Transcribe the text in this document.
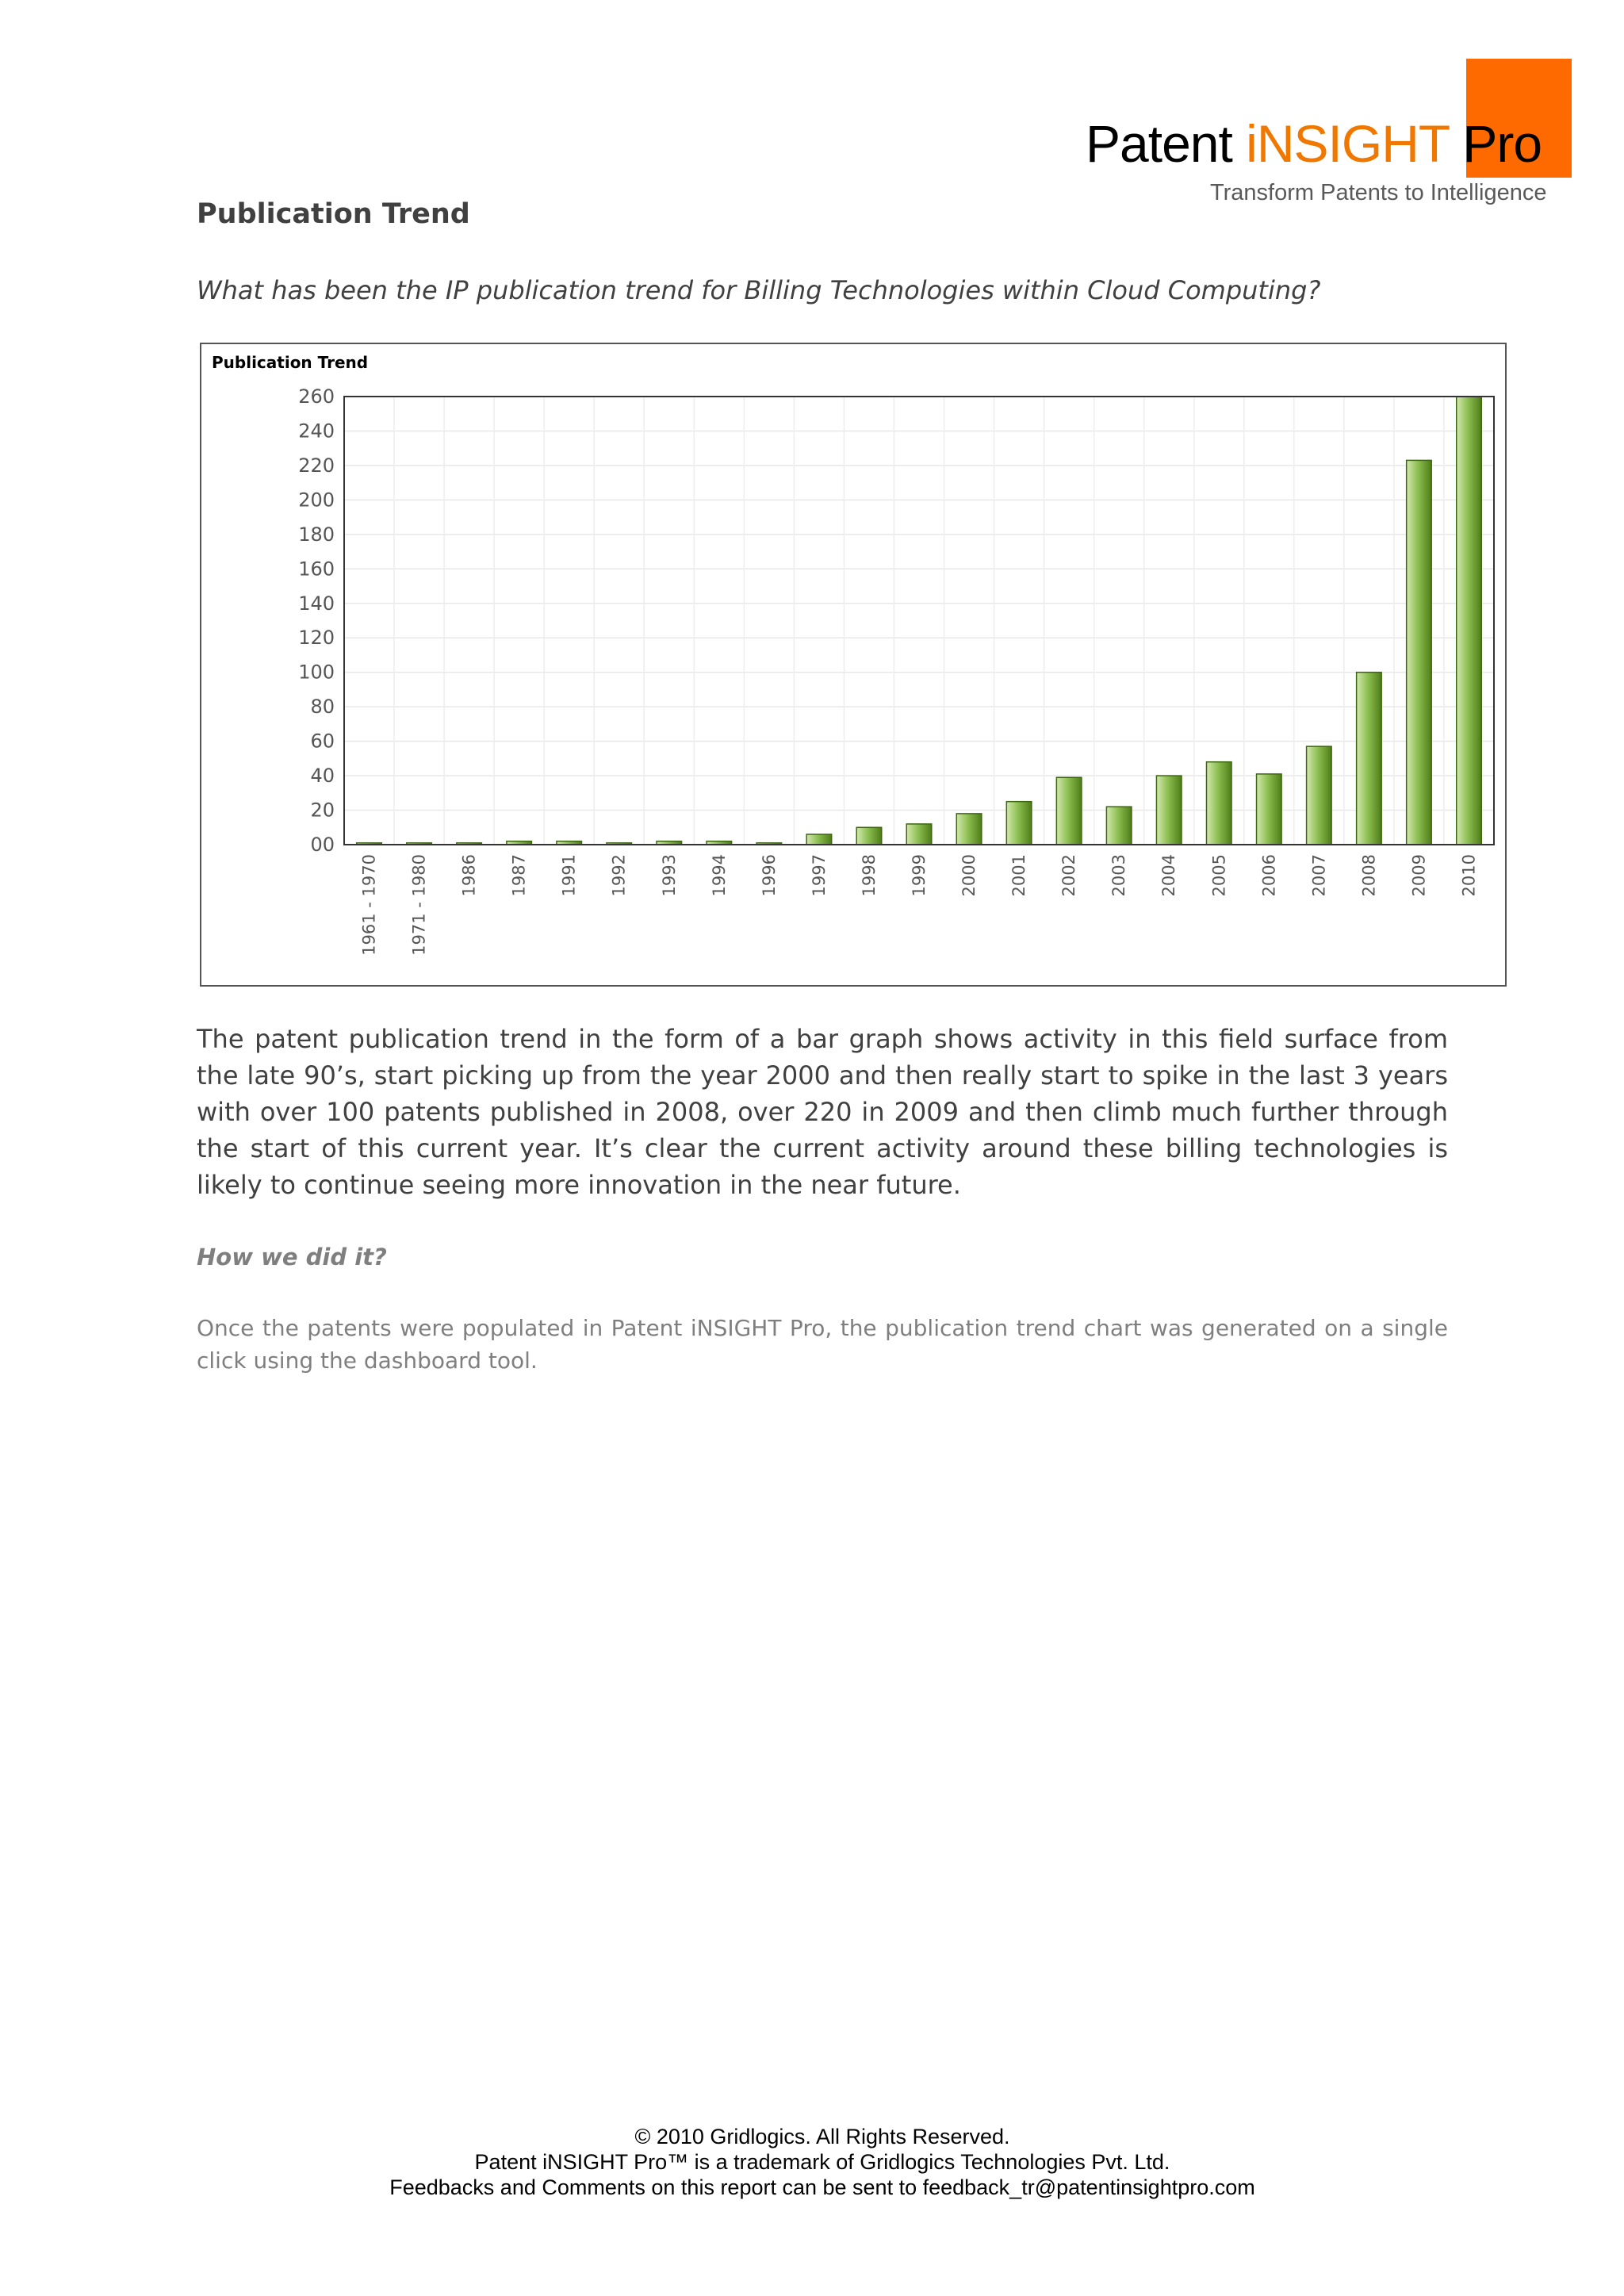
Patent iNSIGHT Pro
Transform Patents to Intelligence
Publication Trend

What has been the IP publication trend for Billing Technologies within Cloud Computing?

Publication Trend
00
20
40
60
80
100
120
140
160
180
200
220
240
260
1961 - 1970 1971 - 1980 1986 1987 1991 1992 1993 1994 1996 1997 1998 1999 2000 2001 2002 2003 2004 2005 2006 2007 2008 2009 2010

The patent publication trend in the form of a bar graph shows activity in this field surface from the late 90’s, start picking up from the year 2000 and then really start to spike in the last 3 years with over 100 patents published in 2008, over 220 in 2009 and then climb much further through the start of this current year. It’s clear the current activity around these billing technologies is likely to continue seeing more innovation in the near future.

How we did it?

Once the patents were populated in Patent iNSIGHT Pro, the publication trend chart was generated on a single click using the dashboard tool.

© 2010 Gridlogics. All Rights Reserved.
Patent iNSIGHT Pro™ is a trademark of Gridlogics Technologies Pvt. Ltd.
Feedbacks and Comments on this report can be sent to feedback_tr@patentinsightpro.com
